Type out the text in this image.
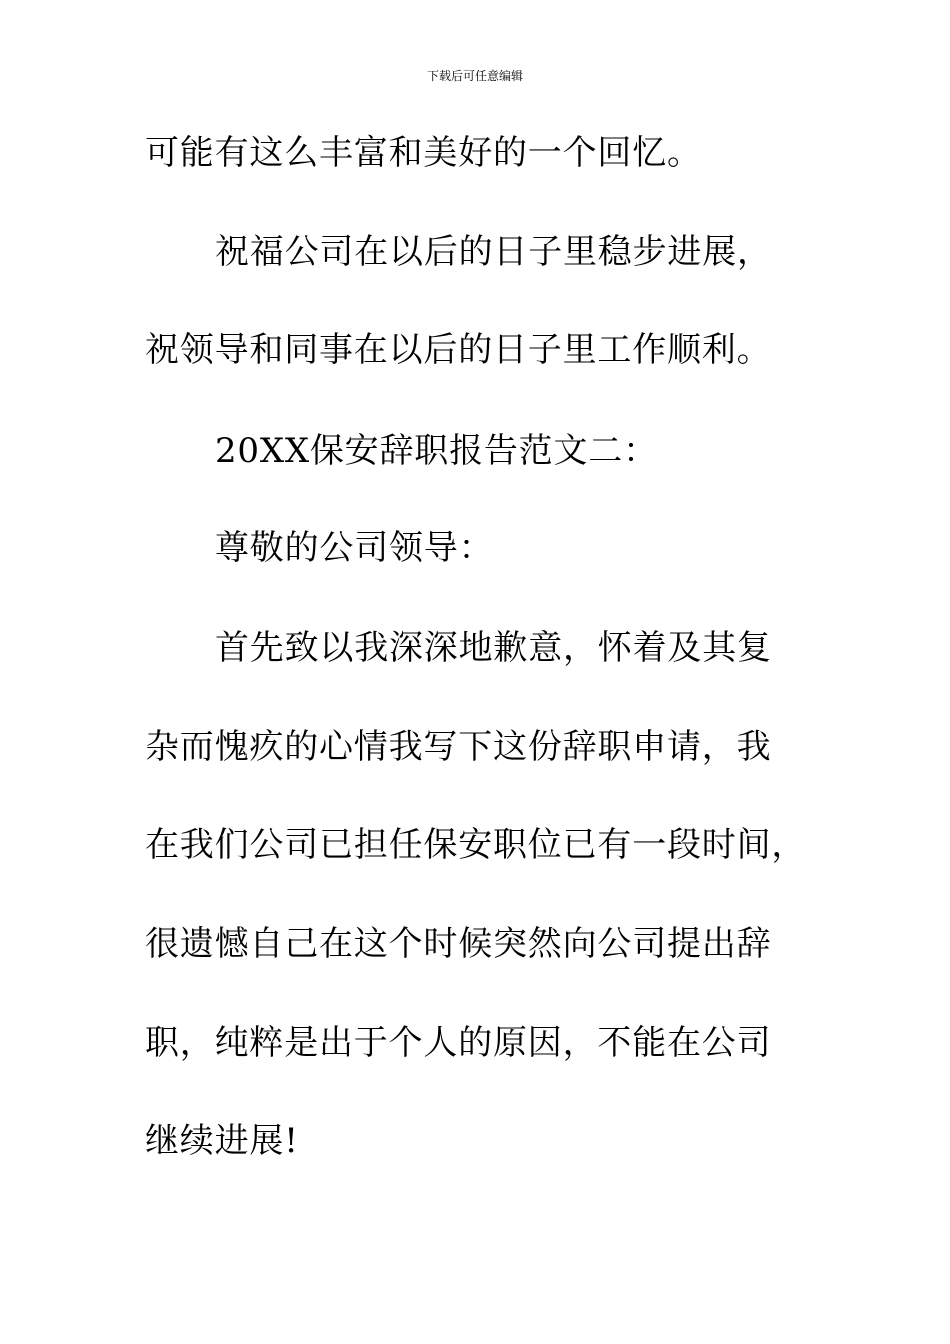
下载后可任意编辑
可能有这么丰富和美好的一个回忆。
祝福公司在以后的日子里稳步进展，
祝领导和同事在以后的日子里工作顺利。
20XX保安辞职报告范文二：
尊敬的公司领导：
首先致以我深深地歉意，怀着及其复
杂而愧疚的心情我写下这份辞职申请，我
在我们公司已担任保安职位已有一段时间，
很遗憾自己在这个时候突然向公司提出辞
职，纯粹是出于个人的原因，不能在公司
继续进展!
